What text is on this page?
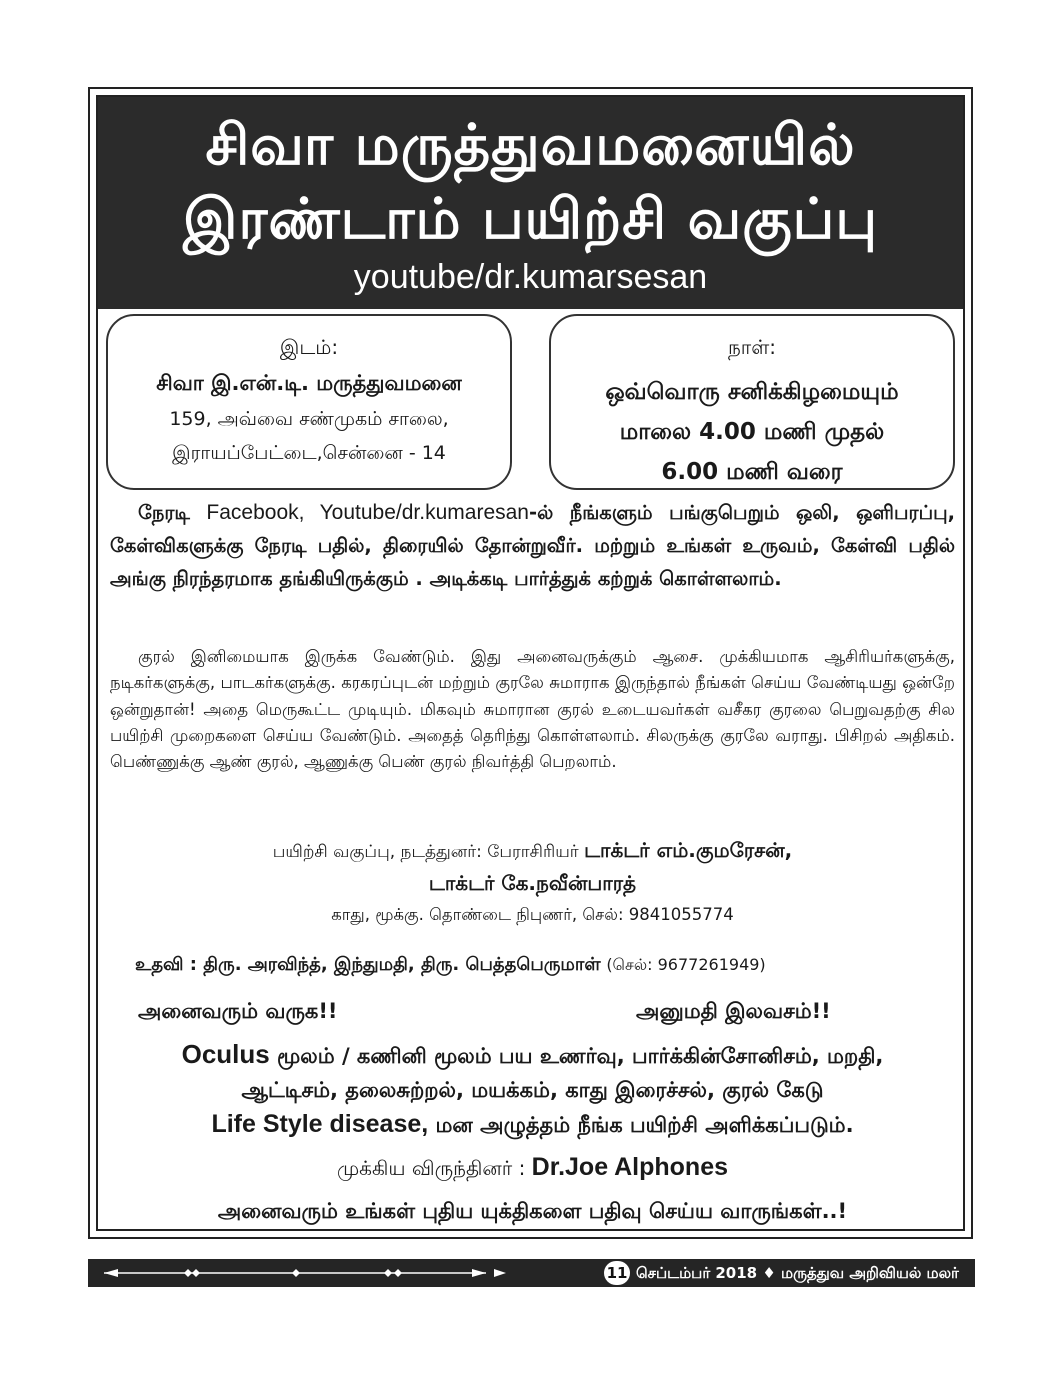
சிவா மருத்துவமனையில்
இரண்டாம் பயிற்சி வகுப்பு
youtube/dr.kumarsesan
இடம்:
சிவா இ.என்.டி. மருத்துவமனை
159, அவ்வை சண்முகம் சாலை,
இராயப்பேட்டை,சென்னை - 14
நாள்:
ஒவ்வொரு சனிக்கிழமையும்
மாலை 4.00 மணி முதல்
6.00 மணி வரை
நேரடி Facebook, Youtube/dr.kumaresan-ல் நீங்களும் பங்குபெறும் ஒலி, ஒளிபரப்பு, கேள்விகளுக்கு நேரடி பதில், திரையில் தோன்றுவீர். மற்றும் உங்கள் உருவம், கேள்வி பதில் அங்கு நிரந்தரமாக தங்கியிருக்கும் . அடிக்கடி பார்த்துக் கற்றுக் கொள்ளலாம்.
குரல் இனிமையாக இருக்க வேண்டும். இது அனைவருக்கும் ஆசை. முக்கியமாக ஆசிரியர்களுக்கு, நடிகர்களுக்கு, பாடகர்களுக்கு. கரகரப்புடன் மற்றும் குரலே சுமாராக இருந்தால் நீங்கள் செய்ய வேண்டியது ஒன்றே ஒன்றுதான்! அதை மெருகூட்ட முடியும். மிகவும் சுமாரான குரல் உடையவர்கள் வசீகர குரலை பெறுவதற்கு சில பயிற்சி முறைகளை செய்ய வேண்டும். அதைத் தெரிந்து கொள்ளலாம். சிலருக்கு குரலே வராது. பிசிறல் அதிகம். பெண்ணுக்கு ஆண் குரல், ஆணுக்கு பெண் குரல் நிவர்த்தி பெறலாம்.
பயிற்சி வகுப்பு, நடத்துனர்: பேராசிரியர் டாக்டர் எம்.குமரேசன்,
டாக்டர் கே.நவீன்பாரத்
காது, மூக்கு. தொண்டை நிபுணர், செல்: 9841055774
உதவி : திரு. அரவிந்த், இந்துமதி, திரு. பெத்தபெருமாள் (செல்: 9677261949)
அனைவரும் வருக!!	அனுமதி இலவசம்!!
Oculus மூலம் / கணினி மூலம் பய உணர்வு, பார்க்கின்சோனிசம், மறதி,
ஆட்டிசம், தலைசுற்றல், மயக்கம், காது இரைச்சல், குரல் கேடு
Life Style disease, மன அழுத்தம் நீங்க பயிற்சி அளிக்கப்படும்.
முக்கிய விருந்தினர் : Dr.Joe Alphones
அனைவரும் உங்கள் புதிய யுக்திகளை பதிவு செய்ய வாருங்கள்..!
11 செப்டம்பர் 2018 ♦ மருத்துவ அறிவியல் மலர்
